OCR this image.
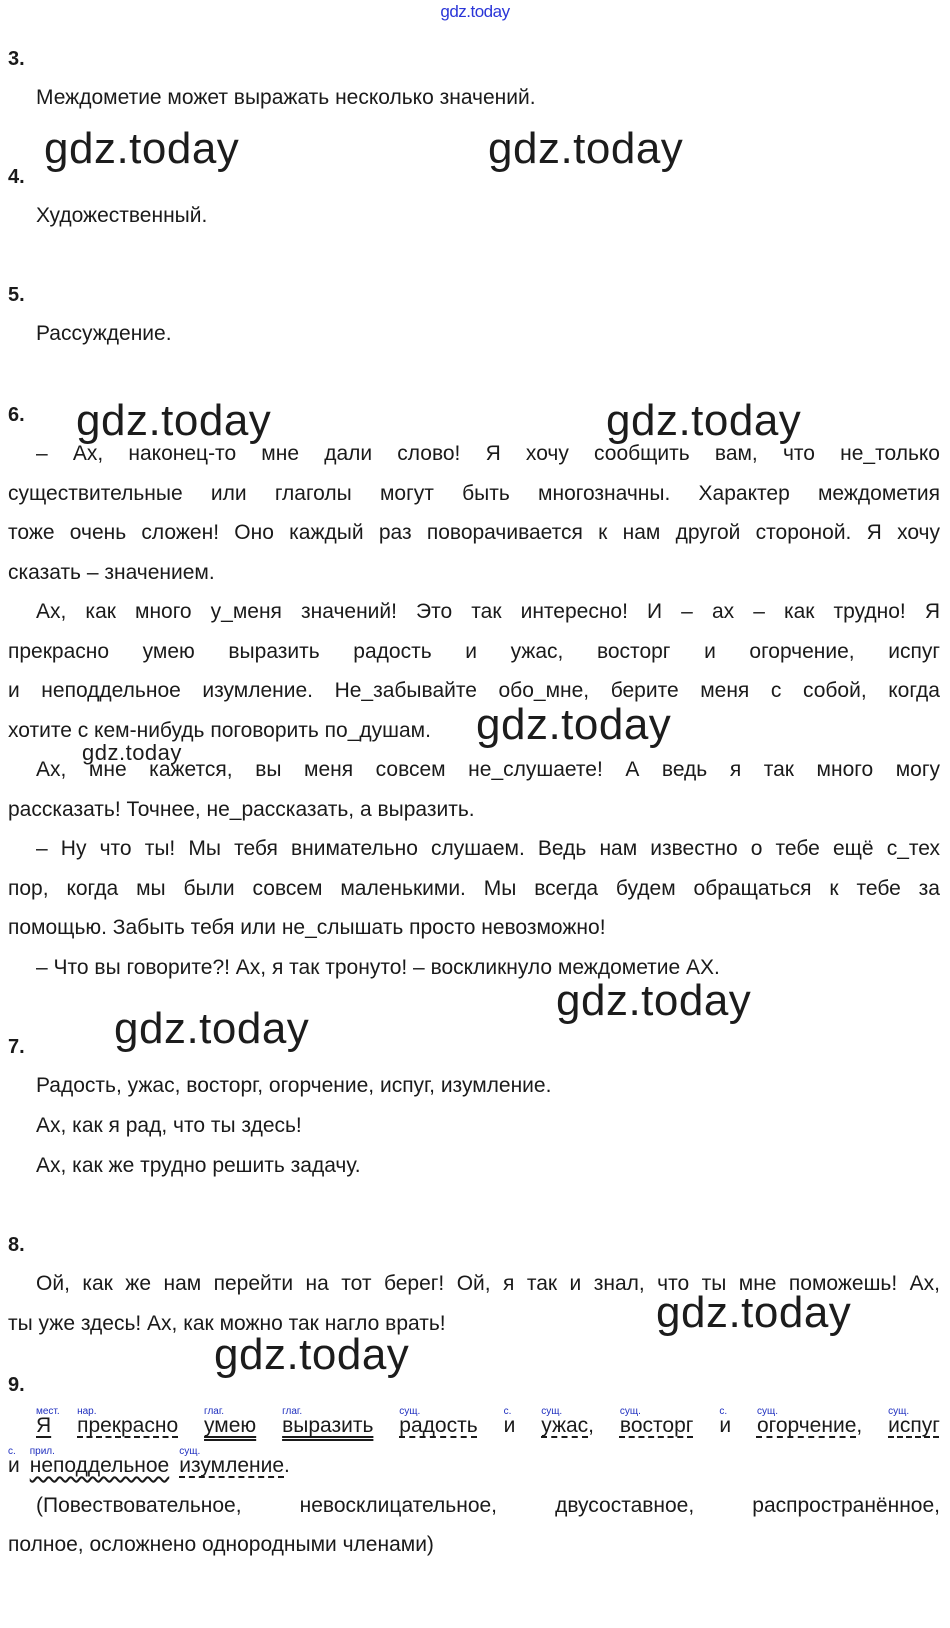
gdz.today
3.
Междометие может выражать несколько значений.
4.
Художественный.
5.
Рассуждение.
6.
– Ах, наконец-то мне дали слово! Я хочу сообщить вам, что не_только
существительные или глаголы могут быть многозначны. Характер междометия
тоже очень сложен! Оно каждый раз поворачивается к нам другой стороной. Я хочу
сказать – значением.
Ах, как много у_меня значений! Это так интересно! И – ах – как трудно! Я
прекрасно умею выразить радость и ужас, восторг и огорчение, испуг
и неподдельное изумление. Не_забывайте обо_мне, берите меня с собой, когда
хотите с кем-нибудь поговорить по_душам.
Ах, мне кажется, вы меня совсем не_слушаете! А ведь я так много могу
рассказать! Точнее, не_рассказать, а выразить.
– Ну что ты! Мы тебя внимательно слушаем. Ведь нам известно о тебе ещё с_тех
пор, когда мы были совсем маленькими. Мы всегда будем обращаться к тебе за
помощью. Забыть тебя или не_слышать просто невозможно!
– Что вы говорите?! Ах, я так тронуто! – воскликнуло междометие АХ.
7.
Радость, ужас, восторг, огорчение, испуг, изумление.
Ах, как я рад, что ты здесь!
Ах, как же трудно решить задачу.
8.
Ой, как же нам перейти на тот берег! Ой, я так и знал, что ты мне поможешь! Ах,
ты уже здесь! Ах, как можно так нагло врать!
9.
мест.
Я
нар.
прекрасно
глаг.
умею
глаг.
выразить
сущ.
радость
с.
и
сущ.
ужас,
сущ.
восторг
с.
и
сущ.
огорчение,
сущ.
испуг
с.
и
прил.
неподдельное
сущ.
изумление.
(Повествовательное, невосклицательное, двусоставное, распространённое,
полное, осложнено однородными членами)
gdz.today	gdz.today
gdz.today	gdz.today
gdz.today
gdz.today
gdz.today
gdz.today
gdz.today
gdz.today
